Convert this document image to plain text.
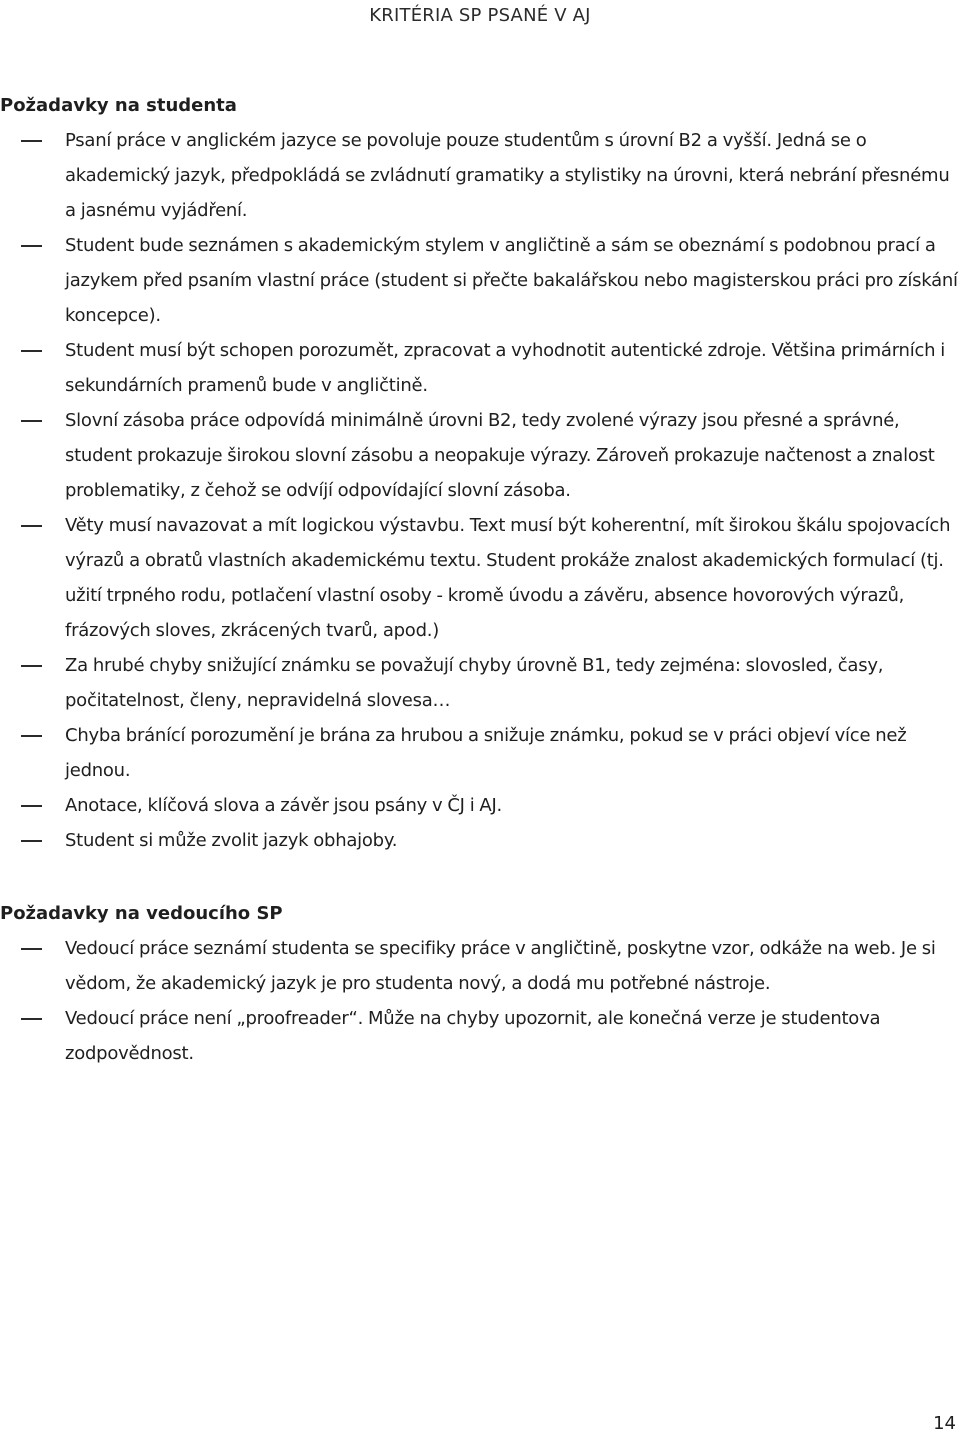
KRITÉRIA SP PSANÉ V AJ
Požadavky na studenta
Psaní práce v anglickém jazyce se povoluje pouze studentům s úrovní B2 a vyšší. Jedná se o akademický jazyk, předpokládá se zvládnutí gramatiky a stylistiky na úrovni, která nebrání přesnému a jasnému vyjádření.
Student bude seznámen s akademickým stylem v angličtině a sám se obeznámí s podobnou prací a jazykem před psaním vlastní práce (student si přečte bakalářskou nebo magisterskou práci pro získání koncepce).
Student musí být schopen porozumět, zpracovat a vyhodnotit autentické zdroje. Většina primárních i sekundárních pramenů bude v angličtině.
Slovní zásoba práce odpovídá minimálně úrovni B2, tedy zvolené výrazy jsou přesné a správné, student prokazuje širokou slovní zásobu a neopakuje výrazy. Zároveň prokazuje načtenost a znalost problematiky, z čehož se odvíjí odpovídající slovní zásoba.
Věty musí navazovat a mít logickou výstavbu. Text musí být koherentní, mít širokou škálu spojovacích výrazů a obratů vlastních akademickému textu. Student prokáže znalost akademických formulací (tj. užití trpného rodu, potlačení vlastní osoby - kromě úvodu a závěru, absence hovorových výrazů, frázových sloves, zkrácených tvarů, apod.)
Za hrubé chyby snižující známku se považují chyby úrovně B1, tedy zejména: slovosled, časy, počitatelnost, členy, nepravidelná slovesa…
Chyba bránící porozumění je brána za hrubou a snižuje známku, pokud se v práci objeví více než jednou.
Anotace, klíčová slova a závěr jsou psány v ČJ i AJ.
Student si může zvolit jazyk obhajoby.
Požadavky na vedoucího SP
Vedoucí práce seznámí studenta se specifiky práce v angličtině, poskytne vzor, odkáže na web. Je si vědom, že akademický jazyk je pro studenta nový, a dodá mu potřebné nástroje.
Vedoucí práce není „proofreader“. Může na chyby upozornit, ale konečná verze je studentova zodpovědnost.
14
